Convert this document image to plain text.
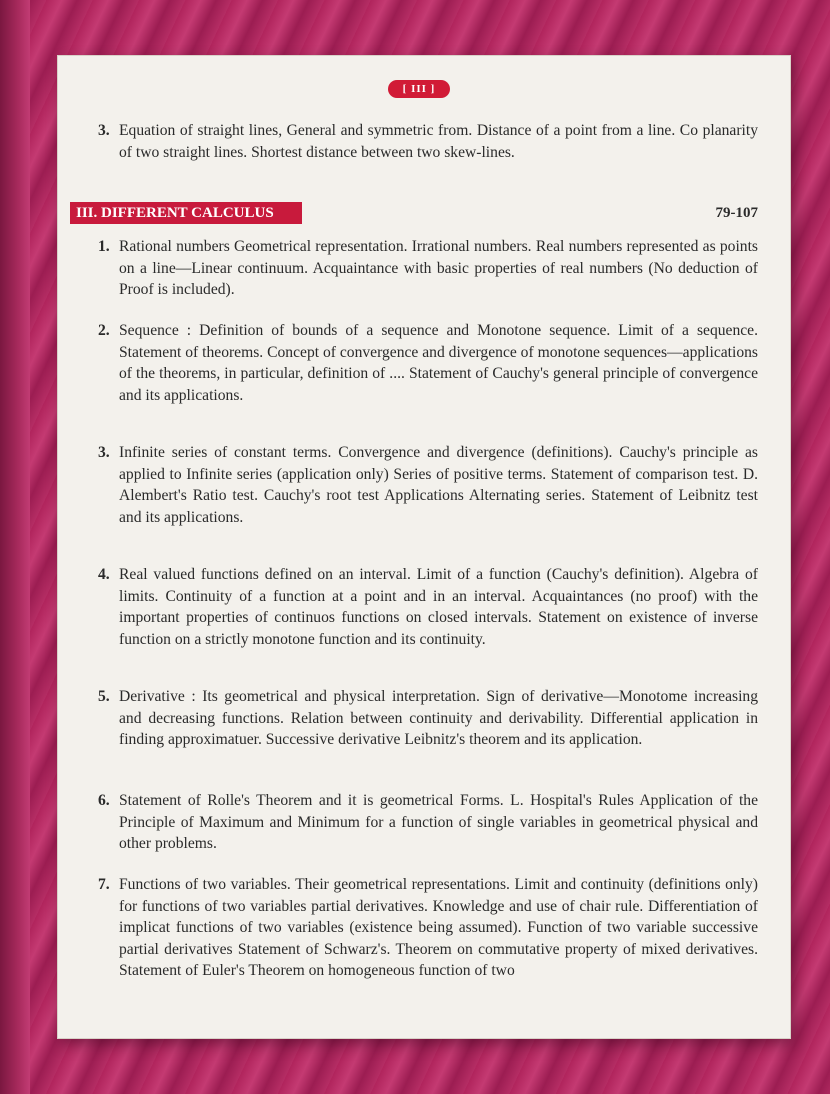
[ III ]
3. Equation of straight lines, General and symmetric from. Distance of a point from a line. Co planarity of two straight lines. Shortest distance between two skew-lines.
III. DIFFERENT CALCULUS	79-107
1. Rational numbers Geometrical representation. Irrational numbers. Real numbers represented as points on a line—Linear continuum. Acquaintance with basic properties of real numbers (No deduction of Proof is included).
2. Sequence : Definition of bounds of a sequence and Monotone sequence. Limit of a sequence. Statement of theorems. Concept of convergence and divergence of monotone sequences—applications of the theorems, in particular, definition of .... Statement of Cauchy's general principle of convergence and its applications.
3. Infinite series of constant terms. Convergence and divergence (definitions). Cauchy's principle as applied to Infinite series (application only) Series of positive terms. Statement of comparison test. D. Alembert's Ratio test. Cauchy's root test Applications Alternating series. Statement of Leibnitz test and its applications.
4. Real valued functions defined on an interval. Limit of a function (Cauchy's definition). Algebra of limits. Continuity of a function at a point and in an interval. Acquaintances (no proof) with the important properties of continuos functions on closed intervals. Statement on existence of inverse function on a strictly monotone function and its continuity.
5. Derivative : Its geometrical and physical interpretation. Sign of derivative—Monotome increasing and decreasing functions. Relation between continuity and derivability. Differential application in finding approximatuer. Successive derivative Leibnitz's theorem and its application.
6. Statement of Rolle's Theorem and it is geometrical Forms. L. Hospital's Rules Application of the Principle of Maximum and Minimum for a function of single variables in geometrical physical and other problems.
7. Functions of two variables. Their geometrical representations. Limit and continuity (definitions only) for functions of two variables partial derivatives. Knowledge and use of chair rule. Differentiation of implicat functions of two variables (existence being assumed). Function of two variable successive partial derivatives Statement of Schwarz's. Theorem on commutative property of mixed derivatives. Statement of Euler's Theorem on homogeneous function of two
